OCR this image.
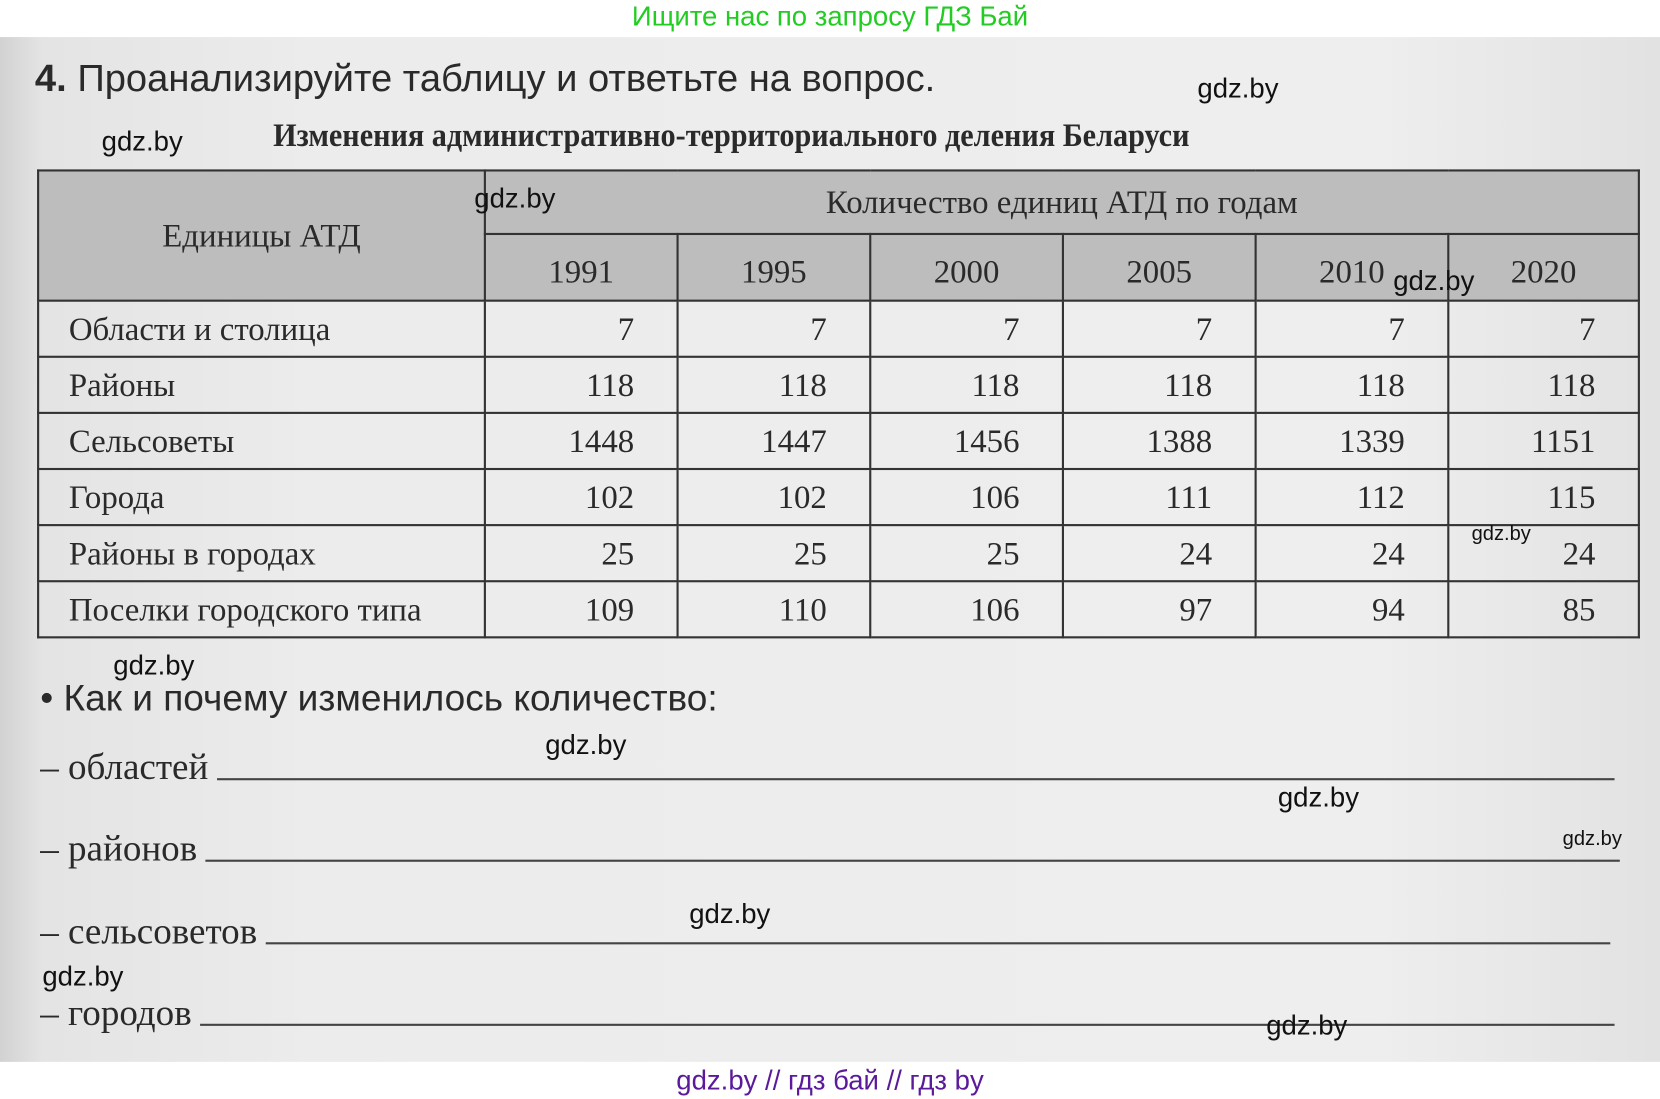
Ищите нас по запросу ГДЗ Бай
4. Проанализируйте таблицу и ответьте на вопрос.
Изменения административно-территориального деления Беларуси
Единицы АТД	Количество единиц АТД по годам					
	1991	1995	2000	2005	2010	2020
Области и столица	7	7	7	7	7	7
Районы	118	118	118	118	118	118
Сельсоветы	1448	1447	1456	1388	1339	1151
Города	102	102	106	111	112	115
Районы в городах	25	25	25	24	24	24
Поселки городского типа	109	110	106	97	94	85
• Как и почему изменилось количество:
– областей
– районов
– сельсоветов
– городов
gdz.by
gdz.by
gdz.by
gdz.by
gdz.by
gdz.by
gdz.by
gdz.by
gdz.by
gdz.by
gdz.by
gdz.by
gdz.by // гдз бай // гдз by
